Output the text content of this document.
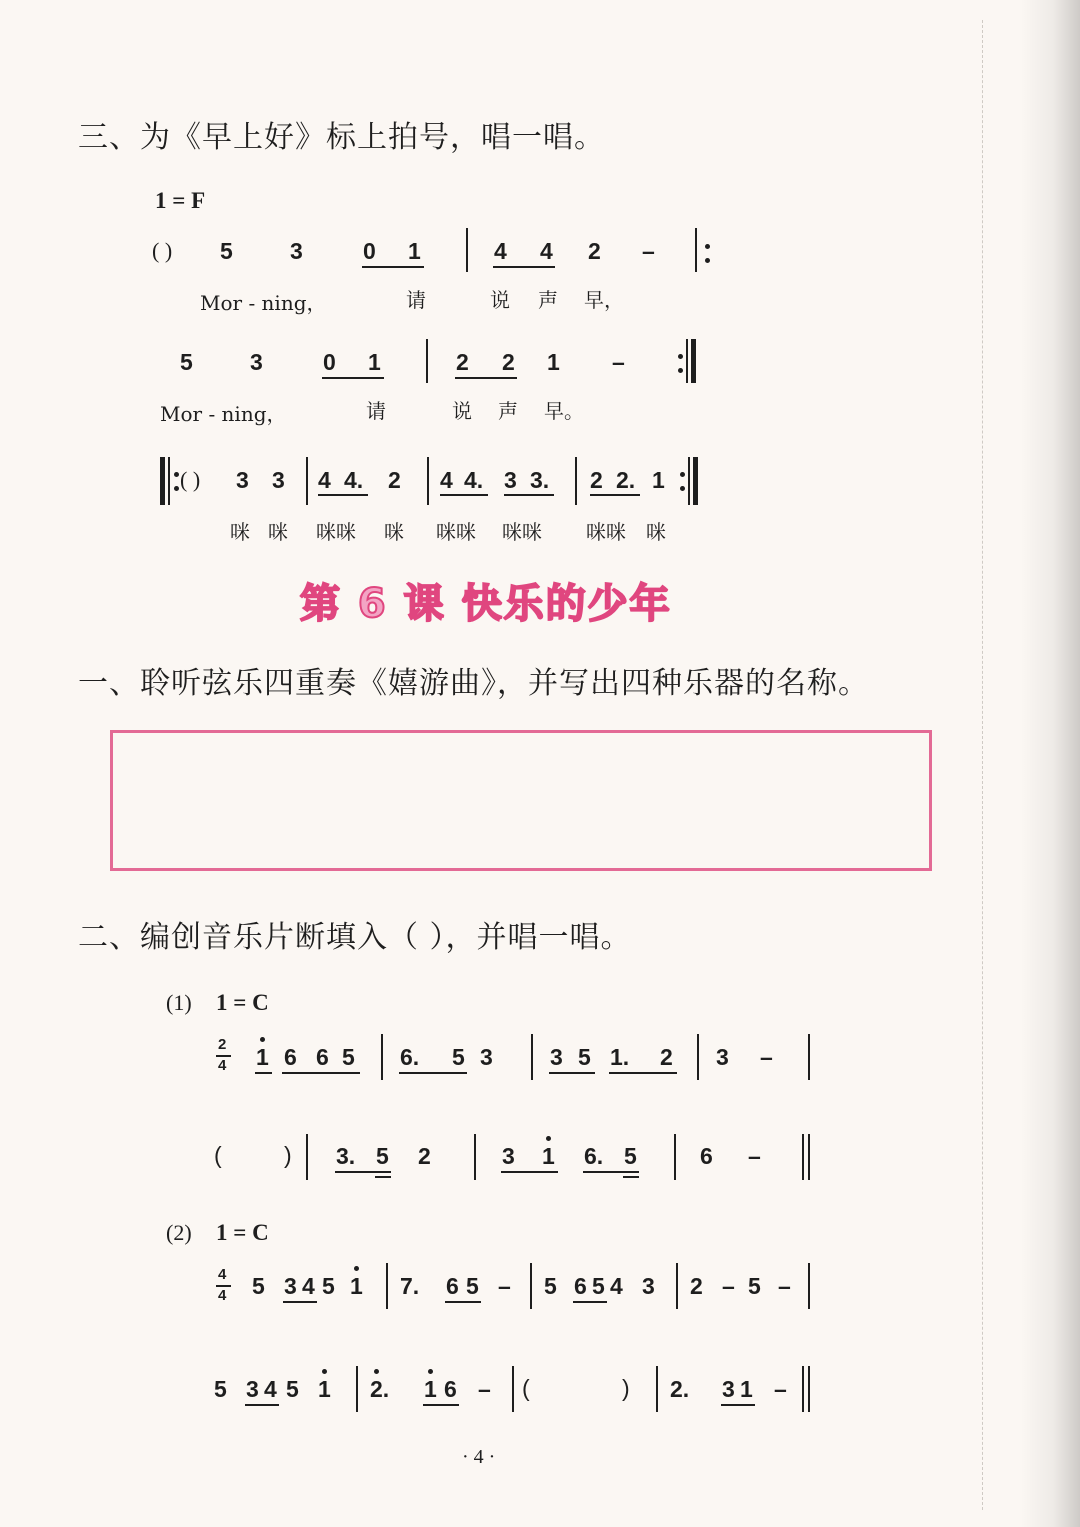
三、为《早上好》标上拍号，唱一唱。
1 = F
( ) 5 3	0 1	4 4 2 –
Mor - ning，	请	说 声 早，
5 3	0 1	2 2 1 –
Mor - ning，	请	说 声 早。
( ) 3 3 4 4. 2 4 4. 3 3. 2 2. 1
咪 咪 咪咪 咪 咪咪 咪咪 咪咪 咪
第 6 课 快乐的少年
一、聆听弦乐四重奏《嬉游曲》，并写出四种乐器的名称。
二、编创音乐片断填入（ ），并唱一唱。
(1) 1 = C
2
4 1 6 6 5 6. 5 3 3 5 1. 2 3 –
(	) 3. 5 2	3 1 6. 5	6 –
(2) 1 = C
4
4 5 3 4 5 1 7. 6 5 – 5 6 5 4 3 2 – 5 –
5 3 4 5 1 2. 1 6 – (	) 2. 3 1 –
· 4 ·
